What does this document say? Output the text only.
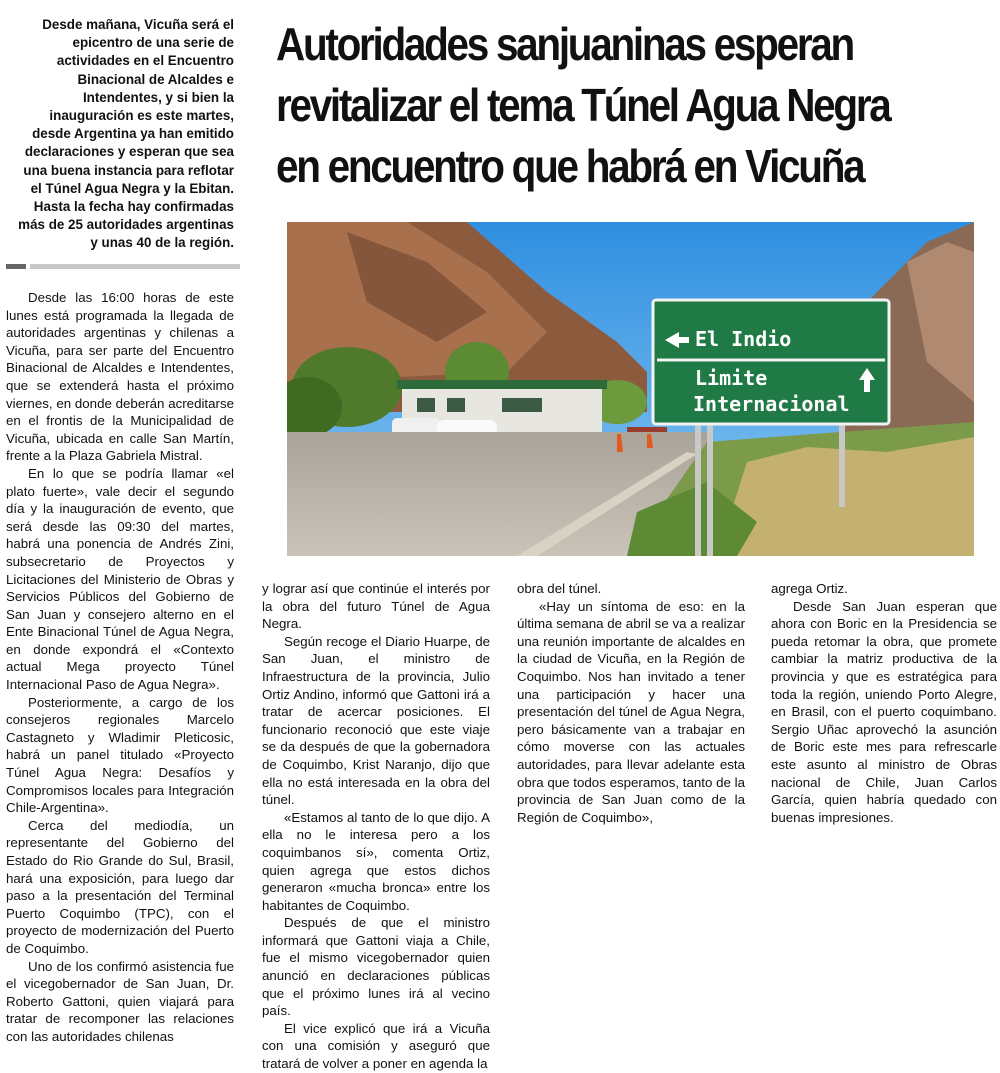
Desde mañana, Vicuña será el epicentro de una serie de actividades en el Encuentro Binacional de Alcaldes e Intendentes, y si bien la inauguración es este martes, desde Argentina ya han emitido declaraciones y esperan que sea una buena instancia para reflotar el Túnel Agua Negra y la Ebitan. Hasta la fecha hay confirmadas más de 25 autoridades argentinas y unas 40 de la región.
Autoridades sanjuaninas esperan
revitalizar el tema Túnel Agua Negra
en encuentro que habrá en Vicuña
El Indio
Limite
Internacional

Desde las 16:00 horas de este lunes está programada la llegada de autoridades argentinas y chilenas a Vicuña, para ser parte del Encuentro Binacional de Alcaldes e Intendentes, que se extenderá hasta el próximo viernes, en donde deberán acreditarse en el frontis de la Municipalidad de Vicuña, ubicada en calle San Martín, frente a la Plaza Gabriela Mistral.

En lo que se podría llamar «el plato fuerte», vale decir el segundo día y la inauguración de evento, que será desde las 09:30 del martes, habrá una ponencia de Andrés Zini, subsecretario de Proyectos y Licitaciones del Ministerio de Obras y Servicios Públicos del Gobierno de San Juan y consejero alterno en el Ente Binacional Túnel de Agua Negra, en donde expondrá el «Contexto actual Mega proyecto Túnel Internacional Paso de Agua Negra».

Posteriormente, a cargo de los consejeros regionales Marcelo Castagneto y Wladimir Pleticosic, habrá un panel titulado «Proyecto Túnel Agua Negra: Desafíos y Compromisos locales para Integración Chile-Argentina».

Cerca del mediodía, un representante del Gobierno del Estado do Rio Grande do Sul, Brasil, hará una exposición, para luego dar paso a la presentación del Terminal Puerto Coquimbo (TPC), con el proyecto de modernización del Puerto de Coquimbo.

Uno de los confirmó asistencia fue el vicegobernador de San Juan, Dr. Roberto Gattoni, quien viajará para tratar de recomponer las relaciones con las autoridades chilenas

y lograr así que continúe el interés por la obra del futuro Túnel de Agua Negra.

Según recoge el Diario Huarpe, de San Juan, el ministro de Infraestructura de la provincia, Julio Ortiz Andino, informó que Gattoni irá a tratar de acercar posiciones. El funcionario reconoció que este viaje se da después de que la gobernadora de Coquimbo, Krist Naranjo, dijo que ella no está interesada en la obra del túnel.

«Estamos al tanto de lo que dijo. A ella no le interesa pero a los coquimbanos sí», comenta Ortiz, quien agrega que estos dichos generaron «mucha bronca» entre los habitantes de Coquimbo.

Después de que el ministro informará que Gattoni viaja a Chile, fue el mismo vicegobernador quien anunció en declaraciones públicas que el próximo lunes irá al vecino país.

El vice explicó que irá a Vicuña con una comisión y aseguró que tratará de volver a poner en agenda la

obra del túnel.

«Hay un síntoma de eso: en la última semana de abril se va a realizar una reunión importante de alcaldes en la ciudad de Vicuña, en la Región de Coquimbo. Nos han invitado a tener una participación y hacer una presentación del túnel de Agua Negra, pero básicamente van a trabajar en cómo moverse con las actuales autoridades, para llevar adelante esta obra que todos esperamos, tanto de la provincia de San Juan como de la Región de Coquimbo»,

agrega Ortiz.

Desde San Juan esperan que ahora con Boric en la Presidencia se pueda retomar la obra, que promete cambiar la matriz productiva de la provincia y que es estratégica para toda la región, uniendo Porto Alegre, en Brasil, con el puerto coquimbano. Sergio Uñac aprovechó la asunción de Boric este mes para refrescarle este asunto al ministro de Obras nacional de Chile, Juan Carlos García, quien habría quedado con buenas impresiones.
